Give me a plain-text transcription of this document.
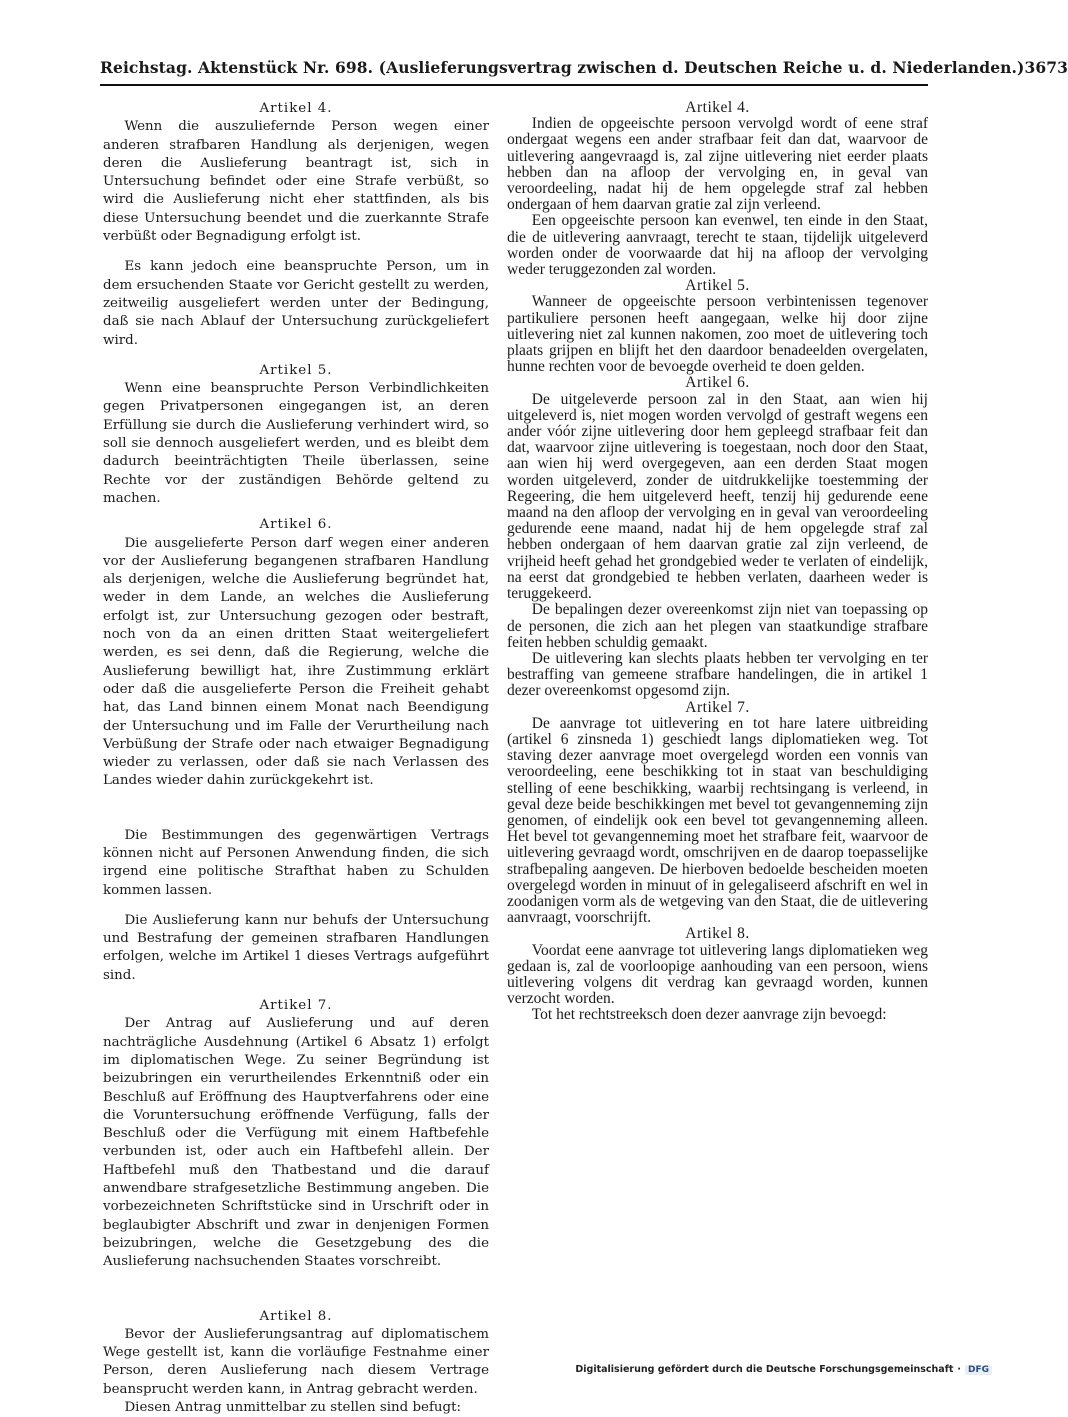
Reichstag. Aktenstück Nr. 698. (Auslieferungsvertrag zwischen d. Deutschen Reiche u. d. Niederlanden.) 3673

Artikel 4.

Wenn die auszuliefernde Person wegen einer anderen strafbaren Handlung als derjenigen, wegen deren die Auslieferung beantragt ist, sich in Untersuchung befindet oder eine Strafe verbüßt, so wird die Auslieferung nicht eher stattfinden, als bis diese Untersuchung beendet und die zuerkannte Strafe verbüßt oder Begnadigung erfolgt ist.

Es kann jedoch eine beanspruchte Person, um in dem ersuchenden Staate vor Gericht gestellt zu werden, zeitweilig ausgeliefert werden unter der Bedingung, daß sie nach Ablauf der Untersuchung zurückgeliefert wird.

Artikel 5.

Wenn eine beanspruchte Person Verbindlichkeiten gegen Privatpersonen eingegangen ist, an deren Erfüllung sie durch die Auslieferung verhindert wird, so soll sie dennoch ausgeliefert werden, und es bleibt dem dadurch beeinträchtigten Theile überlassen, seine Rechte vor der zuständigen Behörde geltend zu machen.

Artikel 6.

Die ausgelieferte Person darf wegen einer anderen vor der Auslieferung begangenen strafbaren Handlung als derjenigen, welche die Auslieferung begründet hat, weder in dem Lande, an welches die Auslieferung erfolgt ist, zur Untersuchung gezogen oder bestraft, noch von da an einen dritten Staat weitergeliefert werden, es sei denn, daß die Regierung, welche die Auslieferung bewilligt hat, ihre Zustimmung erklärt oder daß die ausgelieferte Person die Freiheit gehabt hat, das Land binnen einem Monat nach Beendigung der Untersuchung und im Falle der Verurtheilung nach Verbüßung der Strafe oder nach etwaiger Begnadigung wieder zu verlassen, oder daß sie nach Verlassen des Landes wieder dahin zurückgekehrt ist.

Die Bestimmungen des gegenwärtigen Vertrags können nicht auf Personen Anwendung finden, die sich irgend eine politische Strafthat haben zu Schulden kommen lassen.

Die Auslieferung kann nur behufs der Untersuchung und Bestrafung der gemeinen strafbaren Handlungen erfolgen, welche im Artikel 1 dieses Vertrags aufgeführt sind.

Artikel 7.

Der Antrag auf Auslieferung und auf deren nachträgliche Ausdehnung (Artikel 6 Absatz 1) erfolgt im diplomatischen Wege. Zu seiner Begründung ist beizubringen ein verurtheilendes Erkenntniß oder ein Beschluß auf Eröffnung des Hauptverfahrens oder eine die Voruntersuchung eröffnende Verfügung, falls der Beschluß oder die Verfügung mit einem Haftbefehle verbunden ist, oder auch ein Haftbefehl allein. Der Haftbefehl muß den Thatbestand und die darauf anwendbare strafgesetzliche Bestimmung angeben. Die vorbezeichneten Schriftstücke sind in Urschrift oder in beglaubigter Abschrift und zwar in denjenigen Formen beizubringen, welche die Gesetzgebung des die Auslieferung nachsuchenden Staates vorschreibt.

Artikel 8.

Bevor der Auslieferungsantrag auf diplomatischem Wege gestellt ist, kann die vorläufige Festnahme einer Person, deren Auslieferung nach diesem Vertrage beansprucht werden kann, in Antrag gebracht werden.

Diesen Antrag unmittelbar zu stellen sind befugt:

Artikel 4.

Indien de opgeeischte persoon vervolgd wordt of eene straf ondergaat wegens een ander strafbaar feit dan dat, waarvoor de uitlevering aangevraagd is, zal zijne uitlevering niet eerder plaats hebben dan na afloop der vervolging en, in geval van veroordeeling, nadat hij de hem opgelegde straf zal hebben ondergaan of hem daarvan gratie zal zijn verleend.

Een opgeeischte persoon kan evenwel, ten einde in den Staat, die de uitlevering aanvraagt, terecht te staan, tijdelijk uitgeleverd worden onder de voorwaarde dat hij na afloop der vervolging weder teruggezonden zal worden.

Artikel 5.

Wanneer de opgeeischte persoon verbintenissen tegenover partikuliere personen heeft aangegaan, welke hij door zijne uitlevering niet zal kunnen nakomen, zoo moet de uitlevering toch plaats grijpen en blijft het den daardoor benadeelden overgelaten, hunne rechten voor de bevoegde overheid te doen gelden.

Artikel 6.

De uitgeleverde persoon zal in den Staat, aan wien hij uitgeleverd is, niet mogen worden vervolgd of gestraft wegens een ander vóór zijne uitlevering door hem gepleegd strafbaar feit dan dat, waarvoor zijne uitlevering is toegestaan, noch door den Staat, aan wien hij werd overgegeven, aan een derden Staat mogen worden uitgeleverd, zonder de uitdrukkelijke toestemming der Regeering, die hem uitgeleverd heeft, tenzij hij gedurende eene maand na den afloop der vervolging en in geval van veroordeeling gedurende eene maand, nadat hij de hem opgelegde straf zal hebben ondergaan of hem daarvan gratie zal zijn verleend, de vrijheid heeft gehad het grondgebied weder te verlaten of eindelijk, na eerst dat grondgebied te hebben verlaten, daarheen weder is teruggekeerd.

De bepalingen dezer overeenkomst zijn niet van toepassing op de personen, die zich aan het plegen van staatkundige strafbare feiten hebben schuldig gemaakt.

De uitlevering kan slechts plaats hebben ter vervolging en ter bestraffing van gemeene strafbare handelingen, die in artikel 1 dezer overeenkomst opgesomd zijn.

Artikel 7.

De aanvrage tot uitlevering en tot hare latere uitbreiding (artikel 6 zinsneda 1) geschiedt langs diplomatieken weg. Tot staving dezer aanvrage moet overgelegd worden een vonnis van veroordeeling, eene beschikking tot in staat van beschuldiging stelling of eene beschikking, waarbij rechtsingang is verleend, in geval deze beide beschikkingen met bevel tot gevangenneming zijn genomen, of eindelijk ook een bevel tot gevangenneming alleen. Het bevel tot gevangenneming moet het strafbare feit, waarvoor de uitlevering gevraagd wordt, omschrijven en de daarop toepasselijke strafbepaling aangeven. De hierboven bedoelde bescheiden moeten overgelegd worden in minuut of in gelegaliseerd afschrift en wel in zoodanigen vorm als de wetgeving van den Staat, die de uitlevering aanvraagt, voorschrijft.

Artikel 8.

Voordat eene aanvrage tot uitlevering langs diplomatieken weg gedaan is, zal de voorloopige aanhouding van een persoon, wiens uitlevering volgens dit verdrag kan gevraagd worden, kunnen verzocht worden.

Tot het rechtstreeksch doen dezer aanvrage zijn bevoegd:

Digitalisierung gefördert durch die Deutsche Forschungsgemeinschaft · DFG
